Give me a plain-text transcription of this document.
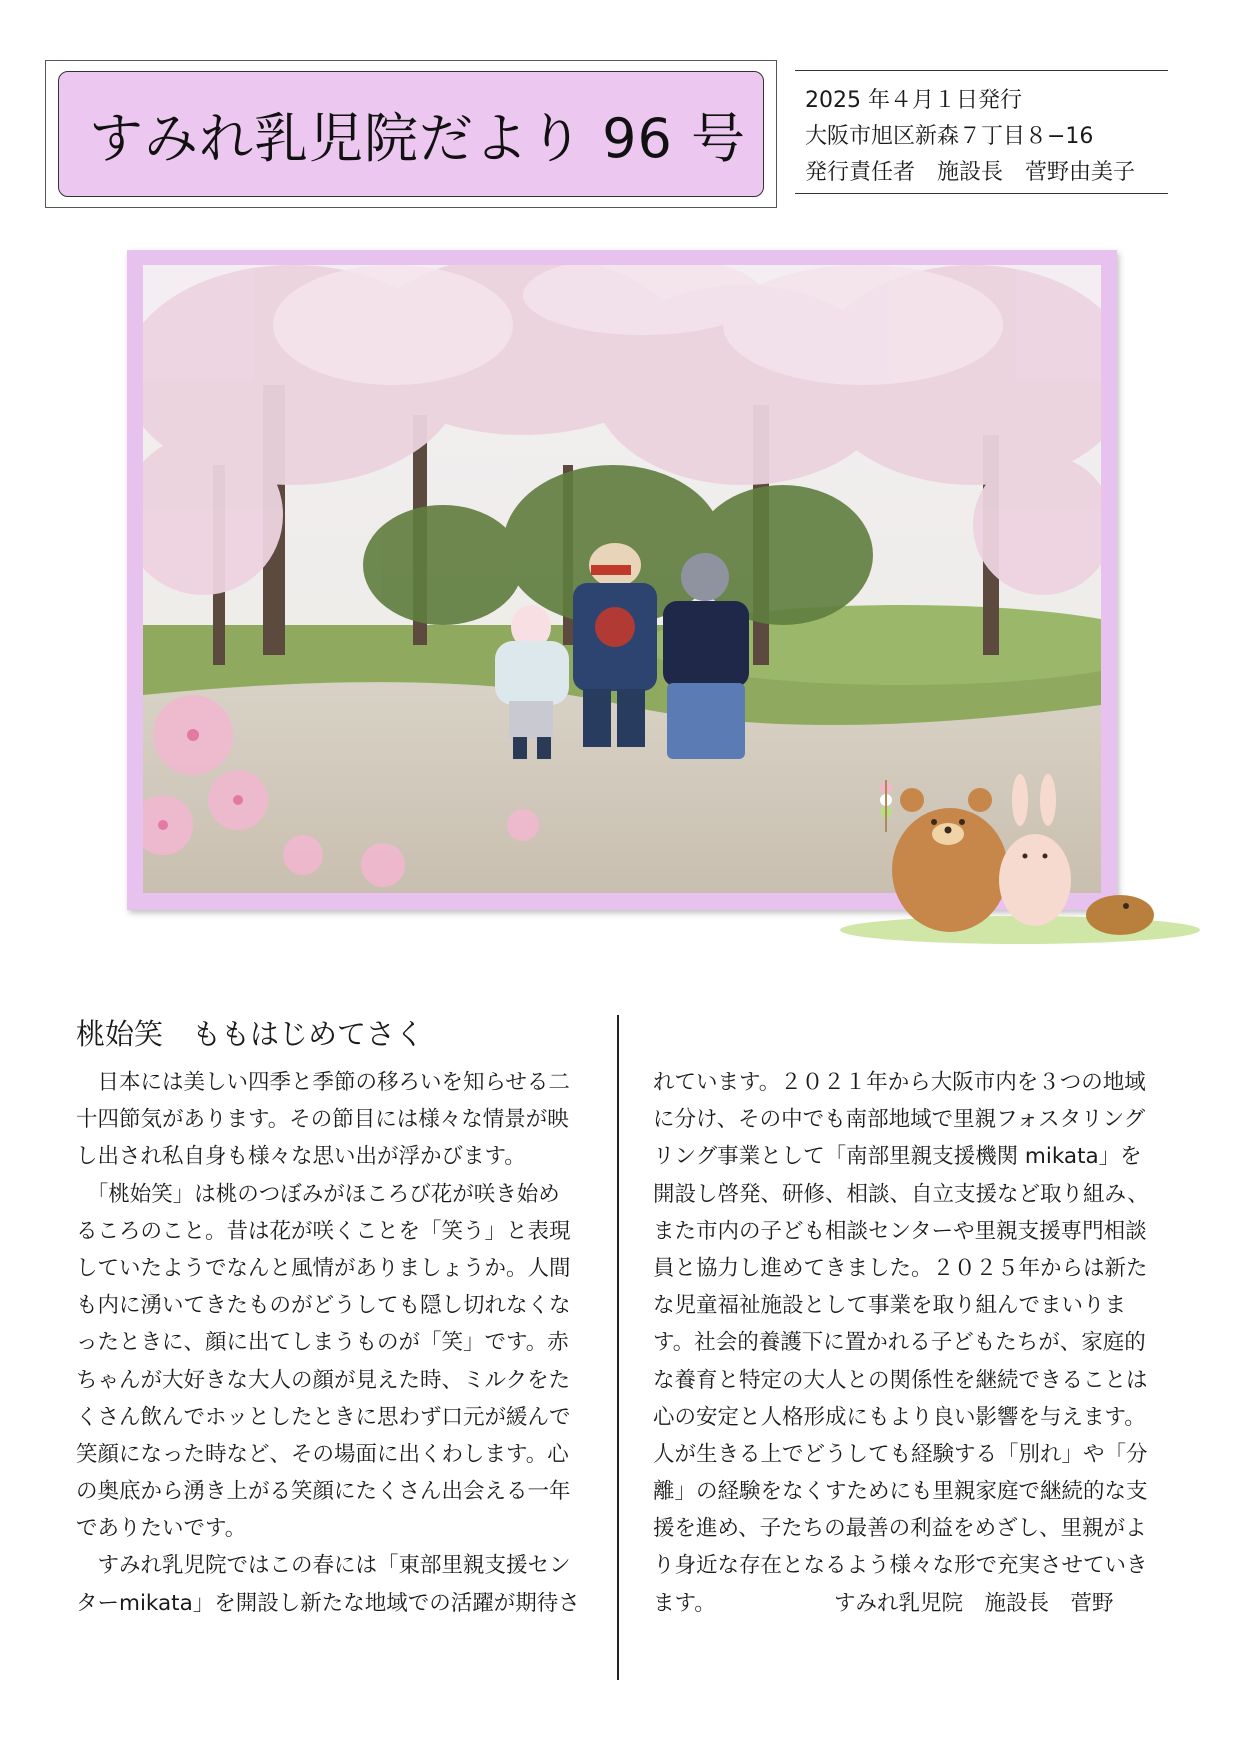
すみれ乳児院だより 96 号
2025 年４月１日発行
大阪市旭区新森７丁目８−16
発行責任者　施設長　菅野由美子
桃始笑　ももはじめてさく
　日本には美しい四季と季節の移ろいを知らせる二
十四節気があります。その節目には様々な情景が映
し出され私自身も様々な思い出が浮かびます。
　「桃始笑」は桃のつぼみがほころび花が咲き始め
るころのこと。昔は花が咲くことを「笑う」と表現
していたようでなんと風情がありましょうか。人間
も内に湧いてきたものがどうしても隠し切れなくな
ったときに、顔に出てしまうものが「笑」です。赤
ちゃんが大好きな大人の顔が見えた時、ミルクをた
くさん飲んでホッとしたときに思わず口元が緩んで
笑顔になった時など、その場面に出くわします。心
の奥底から湧き上がる笑顔にたくさん出会える一年
でありたいです。
　すみれ乳児院ではこの春には「東部里親支援セン
ターmikata」を開設し新たな地域での活躍が期待さ
れています。２０２１年から大阪市内を３つの地域
に分け、その中でも南部地域で里親フォスタリング
リング事業として「南部里親支援機関 mikata」を
開設し啓発、研修、相談、自立支援など取り組み、
また市内の子ども相談センターや里親支援専門相談
員と協力し進めてきました。２０２５年からは新た
な児童福祉施設として事業を取り組んでまいりま
す。社会的養護下に置かれる子どもたちが、家庭的
な養育と特定の大人との関係性を継続できることは
心の安定と人格形成にもより良い影響を与えます。
人が生きる上でどうしても経験する「別れ」や「分
離」の経験をなくすためにも里親家庭で継続的な支
援を進め、子たちの最善の利益をめざし、里親がよ
り身近な存在となるよう様々な形で充実させていき
ます。　　　　　　すみれ乳児院　施設長　菅野
